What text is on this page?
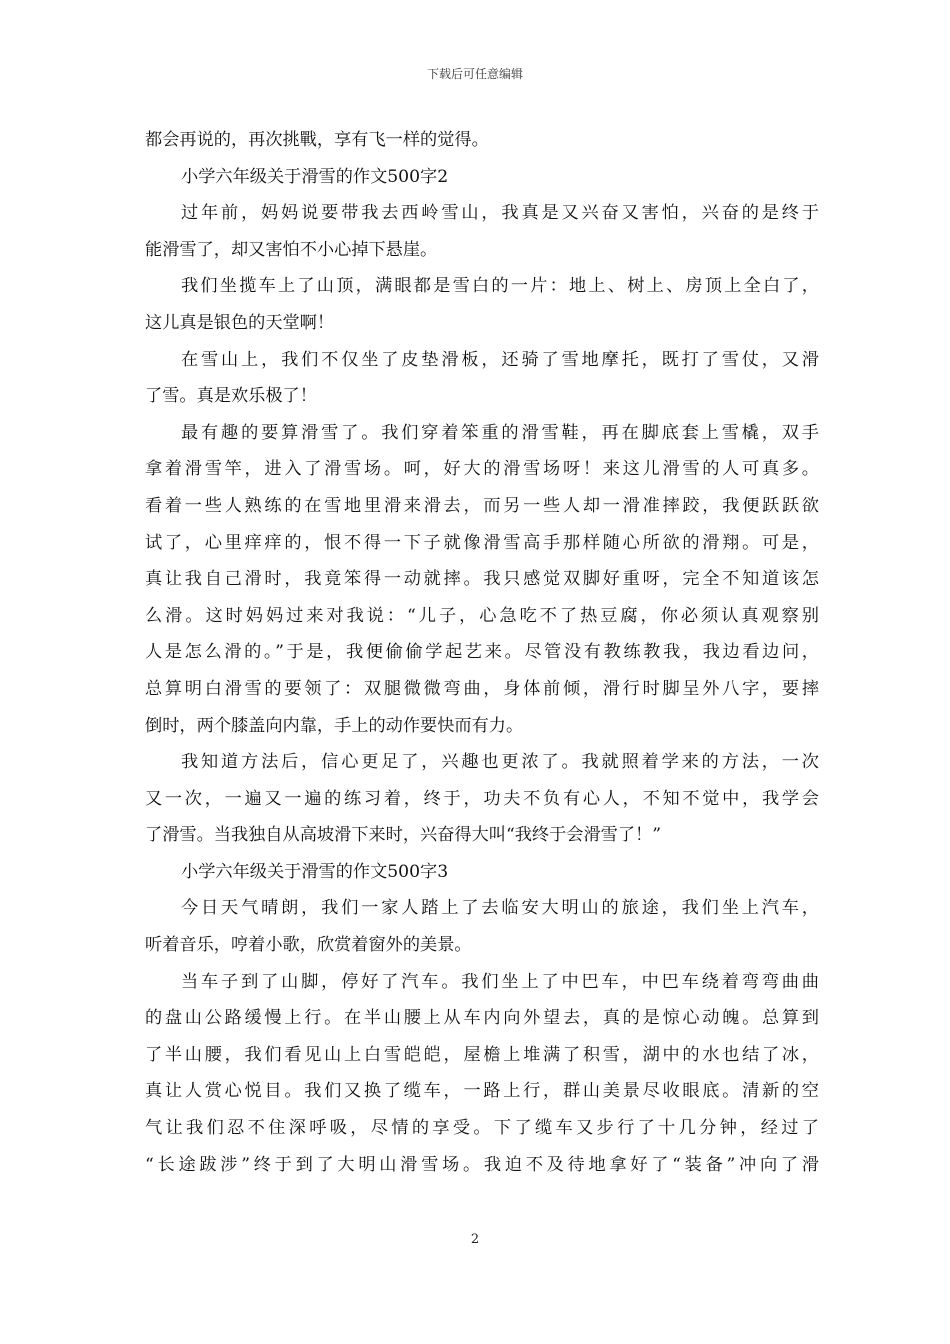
下载后可任意编辑
都会再说的，再次挑戰，享有飞一样的觉得。
小学六年级关于滑雪的作文500字2
过年前，妈妈说要带我去西岭雪山，我真是又兴奋又害怕，兴奋的是终于
能滑雪了，却又害怕不小心掉下悬崖。
我们坐揽车上了山顶，满眼都是雪白的一片：地上、树上、房顶上全白了，
这儿真是银色的天堂啊！
在雪山上，我们不仅坐了皮垫滑板，还骑了雪地摩托，既打了雪仗，又滑
了雪。真是欢乐极了！
最有趣的要算滑雪了。我们穿着笨重的滑雪鞋，再在脚底套上雪橇，双手
拿着滑雪竿，进入了滑雪场。呵，好大的滑雪场呀！来这儿滑雪的人可真多。
看着一些人熟练的在雪地里滑来滑去，而另一些人却一滑准摔跤，我便跃跃欲
试了，心里痒痒的，恨不得一下子就像滑雪高手那样随心所欲的滑翔。可是，
真让我自己滑时，我竟笨得一动就摔。我只感觉双脚好重呀，完全不知道该怎
么滑。这时妈妈过来对我说：“儿子，心急吃不了热豆腐，你必须认真观察别
人是怎么滑的。”于是，我便偷偷学起艺来。尽管没有教练教我，我边看边问，
总算明白滑雪的要领了：双腿微微弯曲，身体前倾，滑行时脚呈外八字，要摔
倒时，两个膝盖向内靠，手上的动作要快而有力。
我知道方法后，信心更足了，兴趣也更浓了。我就照着学来的方法，一次
又一次，一遍又一遍的练习着，终于，功夫不负有心人，不知不觉中，我学会
了滑雪。当我独自从高坡滑下来时，兴奋得大叫“我终于会滑雪了！”
小学六年级关于滑雪的作文500字3
今日天气晴朗，我们一家人踏上了去临安大明山的旅途，我们坐上汽车，
听着音乐，哼着小歌，欣赏着窗外的美景。
当车子到了山脚，停好了汽车。我们坐上了中巴车，中巴车绕着弯弯曲曲
的盘山公路缓慢上行。在半山腰上从车内向外望去，真的是惊心动魄。总算到
了半山腰，我们看见山上白雪皑皑，屋檐上堆满了积雪，湖中的水也结了冰，
真让人赏心悦目。我们又换了缆车，一路上行，群山美景尽收眼底。清新的空
气让我们忍不住深呼吸，尽情的享受。下了缆车又步行了十几分钟，经过了
“长途跋涉”终于到了大明山滑雪场。我迫不及待地拿好了“装备”冲向了滑
2
